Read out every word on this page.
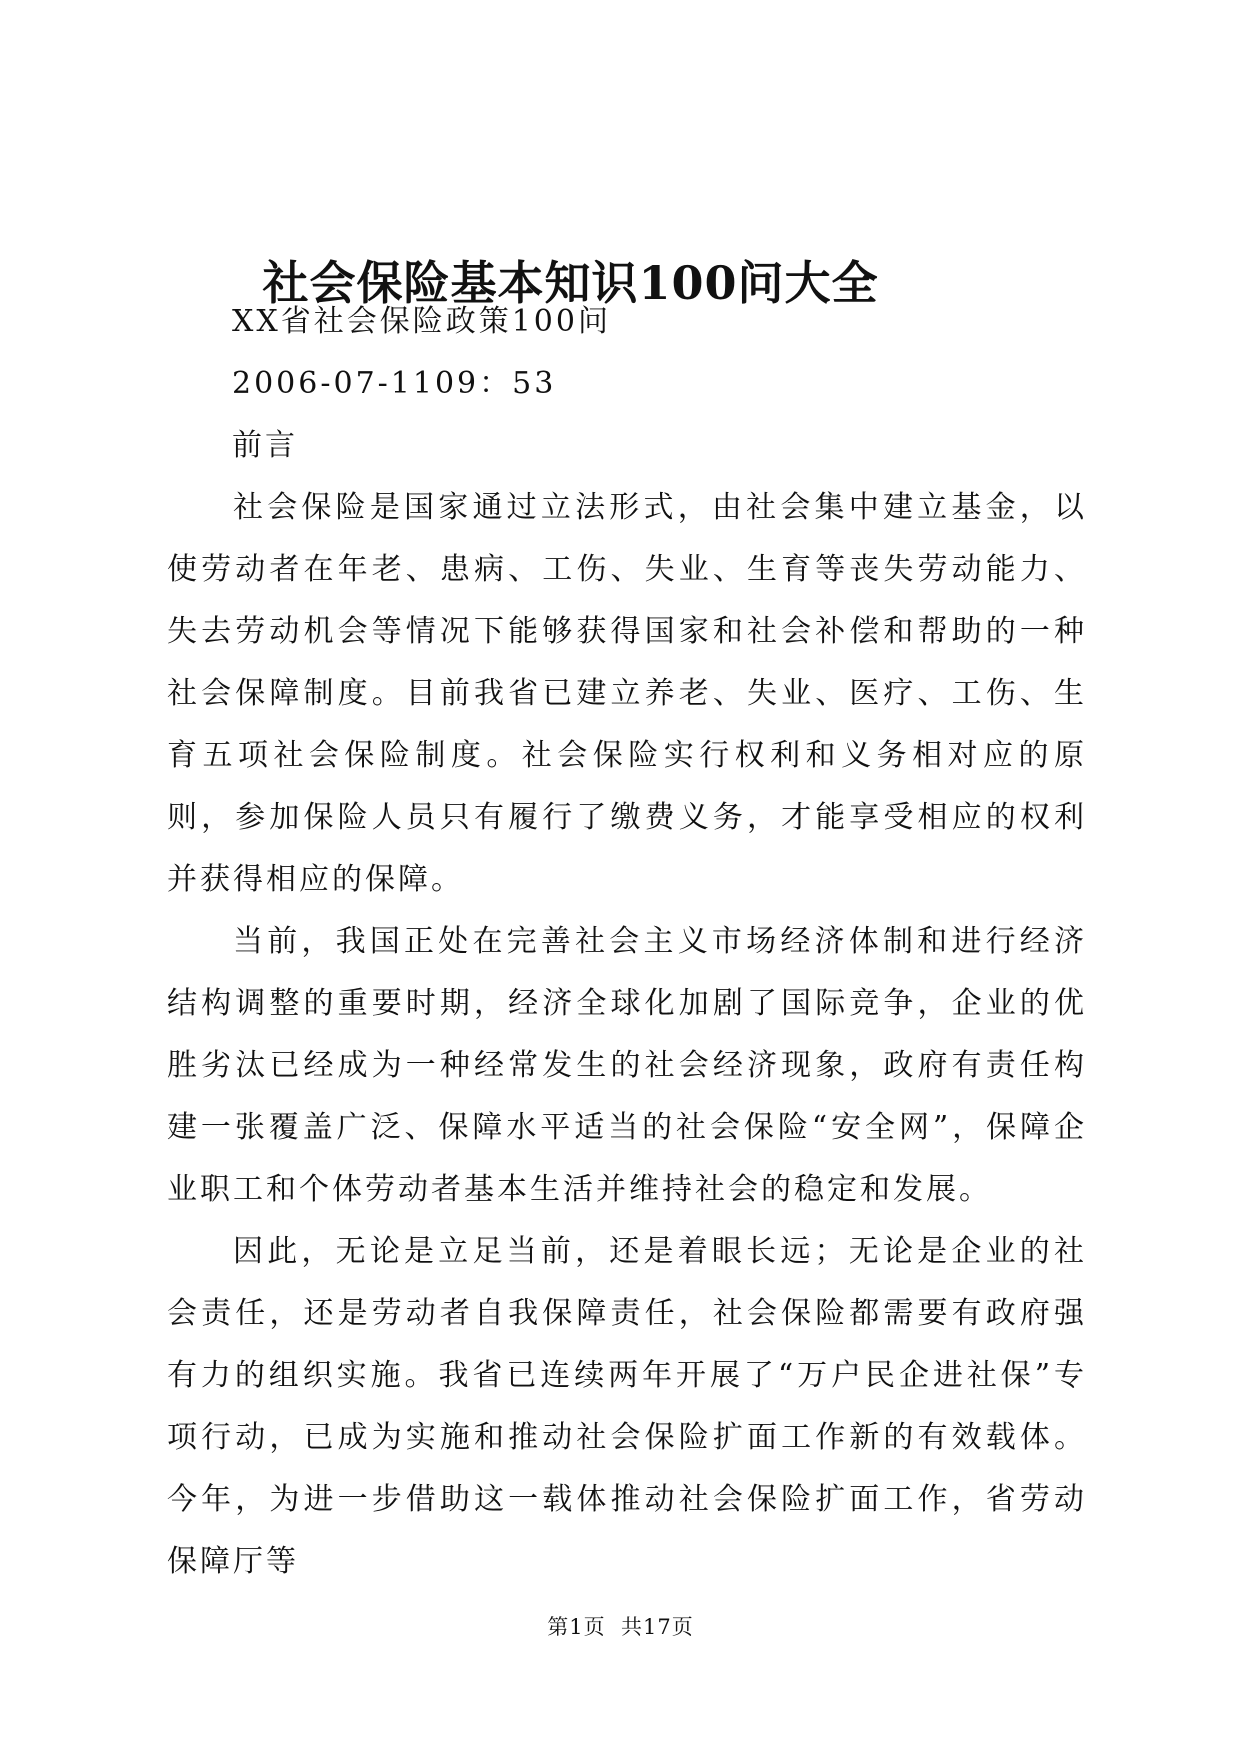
社会保险基本知识100问大全

XX省社会保险政策100问

2006-07-1109：53

前言

社会保险是国家通过立法形式，由社会集中建立基金，以使劳动者在年老、患病、工伤、失业、生育等丧失劳动能力、失去劳动机会等情况下能够获得国家和社会补偿和帮助的一种社会保障制度。目前我省已建立养老、失业、医疗、工伤、生育五项社会保险制度。社会保险实行权利和义务相对应的原则，参加保险人员只有履行了缴费义务，才能享受相应的权利并获得相应的保障。

当前，我国正处在完善社会主义市场经济体制和进行经济结构调整的重要时期，经济全球化加剧了国际竞争，企业的优胜劣汰已经成为一种经常发生的社会经济现象，政府有责任构建一张覆盖广泛、保障水平适当的社会保险“安全网”，保障企业职工和个体劳动者基本生活并维持社会的稳定和发展。

因此，无论是立足当前，还是着眼长远；无论是企业的社会责任，还是劳动者自我保障责任，社会保险都需要有政府强有力的组织实施。我省已连续两年开展了“万户民企进社保”专项行动，已成为实施和推动社会保险扩面工作新的有效载体。今年，为进一步借助这一载体推动社会保险扩面工作，省劳动保障厅等

第1页  共17页
